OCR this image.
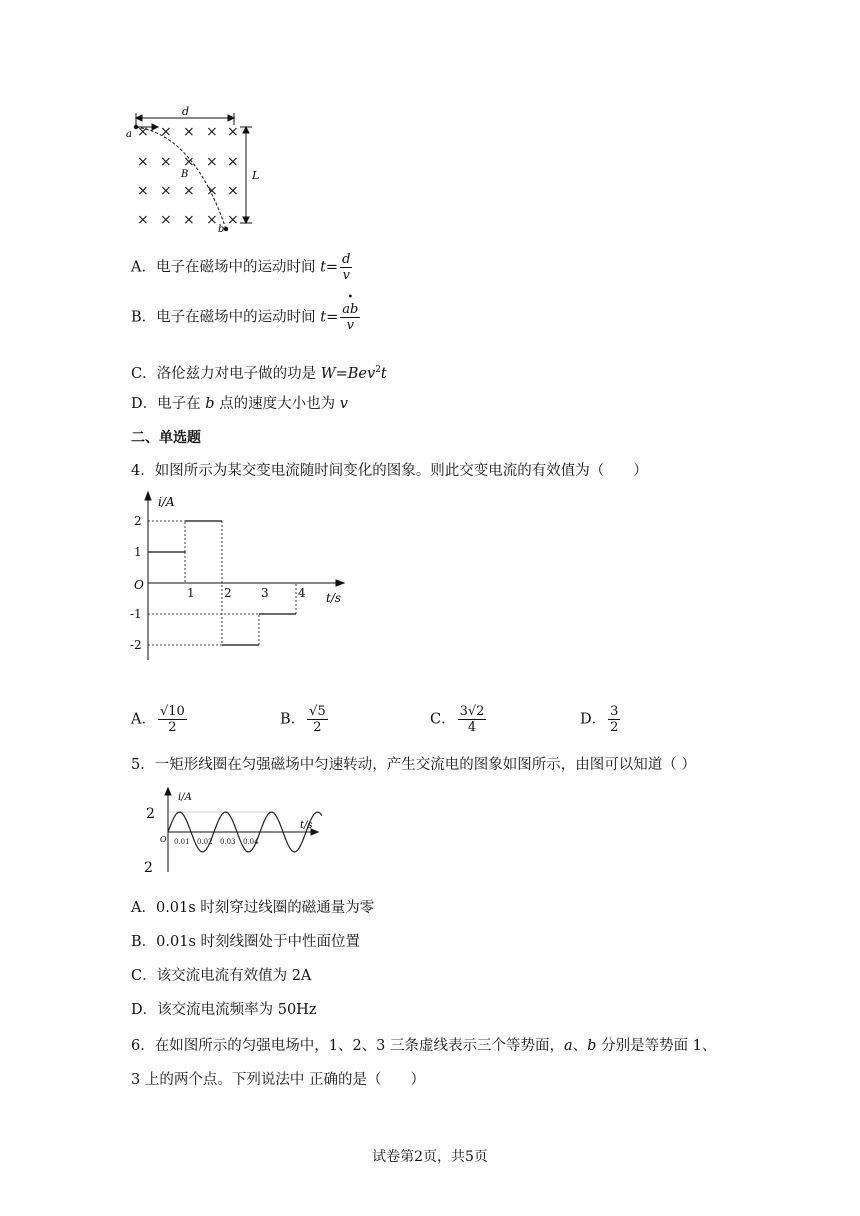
× × × × ×
× × × × ×
× × × × ×
× × × × ×
d
L
a
B
b
A．电子在磁场中的运动时间 $t= \frac{d}{v}$
B．电子在磁场中的运动时间 t=
•
ab
v
C．洛伦兹力对电子做的功是 W=Bev$^2$t
D．电子在 b 点的速度大小也为 v
二、单选题
4．如图所示为某交变电流随时间变化的图象。则此交变电流的有效值为（　　）
1 2 3 4
2
1
-1
-2
i/A
t/s
O
A． $\frac{√10}{2}$	B． $\frac{√5}{2}$	C． $\frac{3√2}{4}$	D． $\frac{3}{2}$
5．一矩形线圈在匀强磁场中匀速转动，产生交流电的图象如图所示，由图可以知道（ ）
0.01 0.02 0.03 0.04
i/A
t/s
O
2
2
A．0.01s 时刻穿过线圈的磁通量为零
B．0.01s 时刻线圈处于中性面位置
C．该交流电流有效值为 2A
D．该交流电流频率为 50Hz
6．在如图所示的匀强电场中，1、2、3 三条虚线表示三个等势面，a、b 分别是等势面 1、
3 上的两个点。下列说法中 正确的是（　　）
试卷第2页，共5页
